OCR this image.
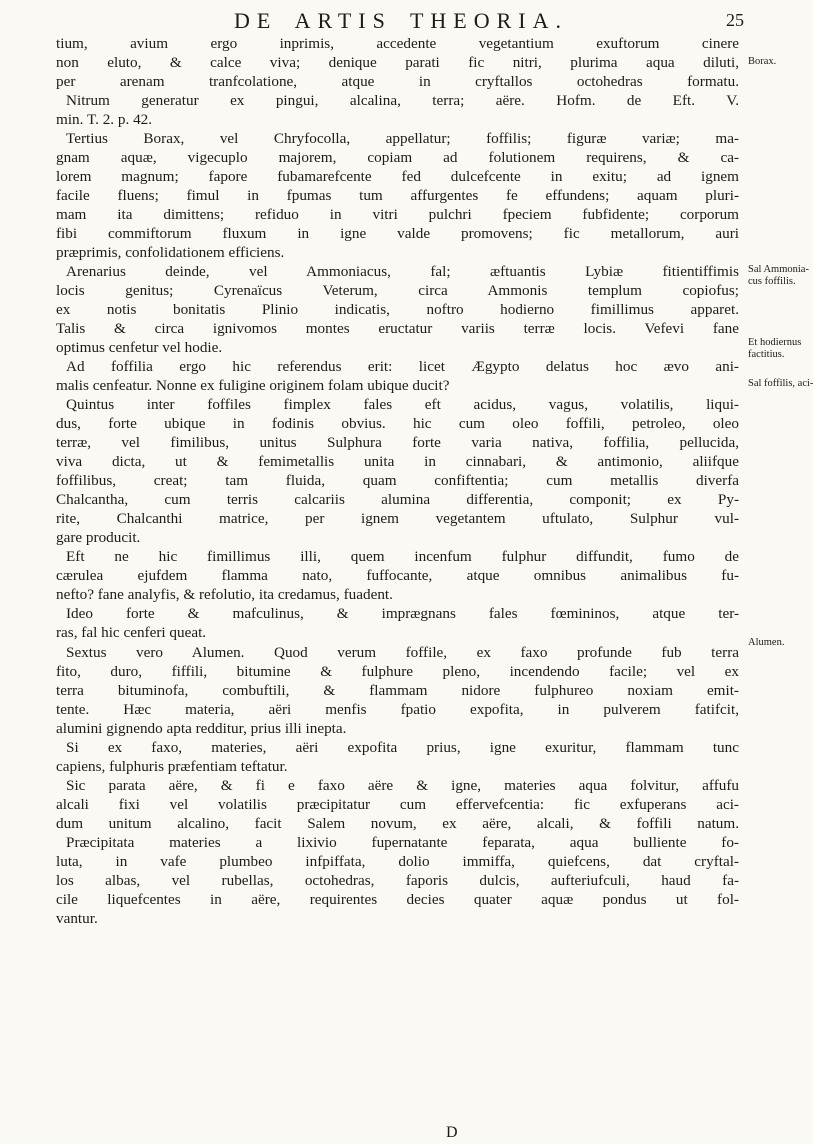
DE ARTIS THEORIA.	25
tium, avium ergo inprimis, accedente vegetantium exuftorum cinere
non eluto, & calce viva; denique parati fic nitri, plurima aqua diluti,
per arenam tranfcolatione, atque in cryftallos octohedras formatu.
Nitrum generatur ex pingui, alcalina, terra; aëre. Hofm. de Eft. V.
min. T. 2. p. 42.
Tertius Borax, vel Chryfocolla, appellatur; foffilis; figuræ variæ; ma-
gnam aquæ, vigecuplo majorem, copiam ad folutionem requirens, & ca-
lorem magnum; fapore fubamarefcente fed dulcefcente in exitu; ad ignem
facile fluens; fimul in fpumas tum affurgentes fe effundens; aquam pluri-
mam ita dimittens; refiduo in vitri pulchri fpeciem fubfidente; corporum
fibi commiftorum fluxum in igne valde promovens; fic metallorum, auri
præprimis, confolidationem efficiens.
Arenarius deinde, vel Ammoniacus, fal; æftuantis Lybiæ fitientiffimis
locis genitus; Cyrenaïcus Veterum, circa Ammonis templum copiofus;
ex notis bonitatis Plinio indicatis, noftro hodierno fimillimus apparet.
Talis & circa ignivomos montes eructatur variis terræ locis. Vefevi fane
optimus cenfetur vel hodie.
Ad foffilia ergo hic referendus erit: licet Ægypto delatus hoc ævo ani-
malis cenfeatur. Nonne ex fuligine originem folam ubique ducit?
Quintus inter foffiles fimplex fales eft acidus, vagus, volatilis, liqui-
dus, forte ubique in fodinis obvius. hic cum oleo foffili, petroleo, oleo
terræ, vel fimilibus, unitus Sulphura forte varia nativa, foffilia, pellucida,
viva dicta, ut & femimetallis unita in cinnabari, & antimonio, aliifque
foffilibus, creat; tam fluida, quam confiftentia; cum metallis diverfa
Chalcantha, cum terris calcariis alumina differentia, componit; ex Py-
rite, Chalcanthi matrice, per ignem vegetantem uftulato, Sulphur vul-
gare producit.
Eft ne hic fimillimus illi, quem incenfum fulphur diffundit, fumo de
cærulea ejufdem flamma nato, fuffocante, atque omnibus animalibus fu-
nefto? fane analyfis, & refolutio, ita credamus, fuadent.
Ideo forte & mafculinus, & imprægnans fales fœmininos, atque ter-
ras, fal hic cenferi queat.
Sextus vero Alumen. Quod verum foffile, ex faxo profunde fub terra
fito, duro, fiffili, bitumine & fulphure pleno, incendendo facile; vel ex
terra bituminofa, combuftili, & flammam nidore fulphureo noxiam emit-
tente. Hæc materia, aëri menfis fpatio expofita, in pulverem fatifcit,
alumini gignendo apta redditur, prius illi inepta.
Si ex faxo, materies, aëri expofita prius, igne exuritur, flammam tunc
capiens, fulphuris præfentiam teftatur.
Sic parata aëre, & fi e faxo aëre & igne, materies aqua folvitur, affufu
alcali fixi vel volatilis præcipitatur cum effervefcentia: fic exfuperans aci-
dum unitum alcalino, facit Salem novum, ex aëre, alcali, & foffili natum.
Præcipitata materies a lixivio fupernatante feparata, aqua bulliente fo-
luta, in vafe plumbeo infpiffata, dolio immiffa, quiefcens, dat cryftal-
los albas, vel rubellas, octohedras, faporis dulcis, aufteriufculi, haud fa-
cile liquefcentes in aëre, requirentes decies quater aquæ pondus ut fol-
vantur.
Borax.
Sal Ammonia-
cus foffilis.
Et hodiernus
factitius.
Sal foffilis, aci-
Alumen.
D
